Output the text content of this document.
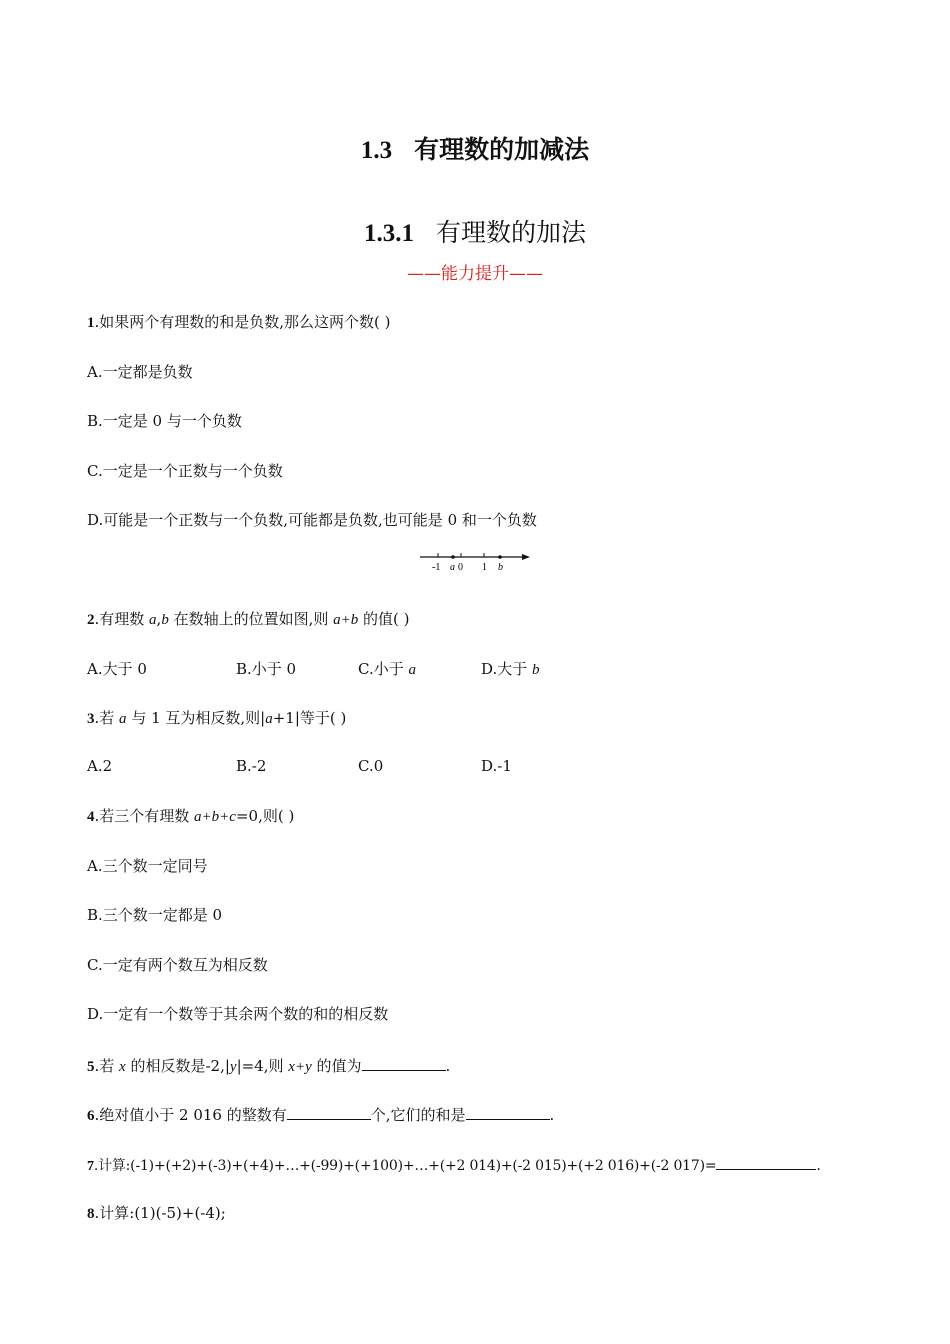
1.3 有理数的加减法
1.3.1 有理数的加法
——能力提升——
1.如果两个有理数的和是负数,那么这两个数( )
A.一定都是负数
B.一定是 0 与一个负数
C.一定是一个正数与一个负数
D.可能是一个正数与一个负数,可能都是负数,也可能是 0 和一个负数
-1 a 0 1 b
2.有理数 a,b 在数轴上的位置如图,则 a+b 的值( )
A.大于 0	B.小于 0	C.小于 a	D.大于 b
3.若 a 与 1 互为相反数,则|a+1|等于( )
A.2	B.-2	C.0	D.-1
4.若三个有理数 a+b+c=0,则( )
A.三个数一定同号
B.三个数一定都是 0
C.一定有两个数互为相反数
D.一定有一个数等于其余两个数的和的相反数
5.若 x 的相反数是-2,|y|=4,则 x+y 的值为	.
6.绝对值小于 2 016 的整数有	个,它们的和是	.
7.计算:(-1)+(+2)+(-3)+(+4)+…+(-99)+(+100)+…+(+2 014)+(-2 015)+(+2 016)+(-2 017)=	.
8.计算:(1)(-5)+(-4);
